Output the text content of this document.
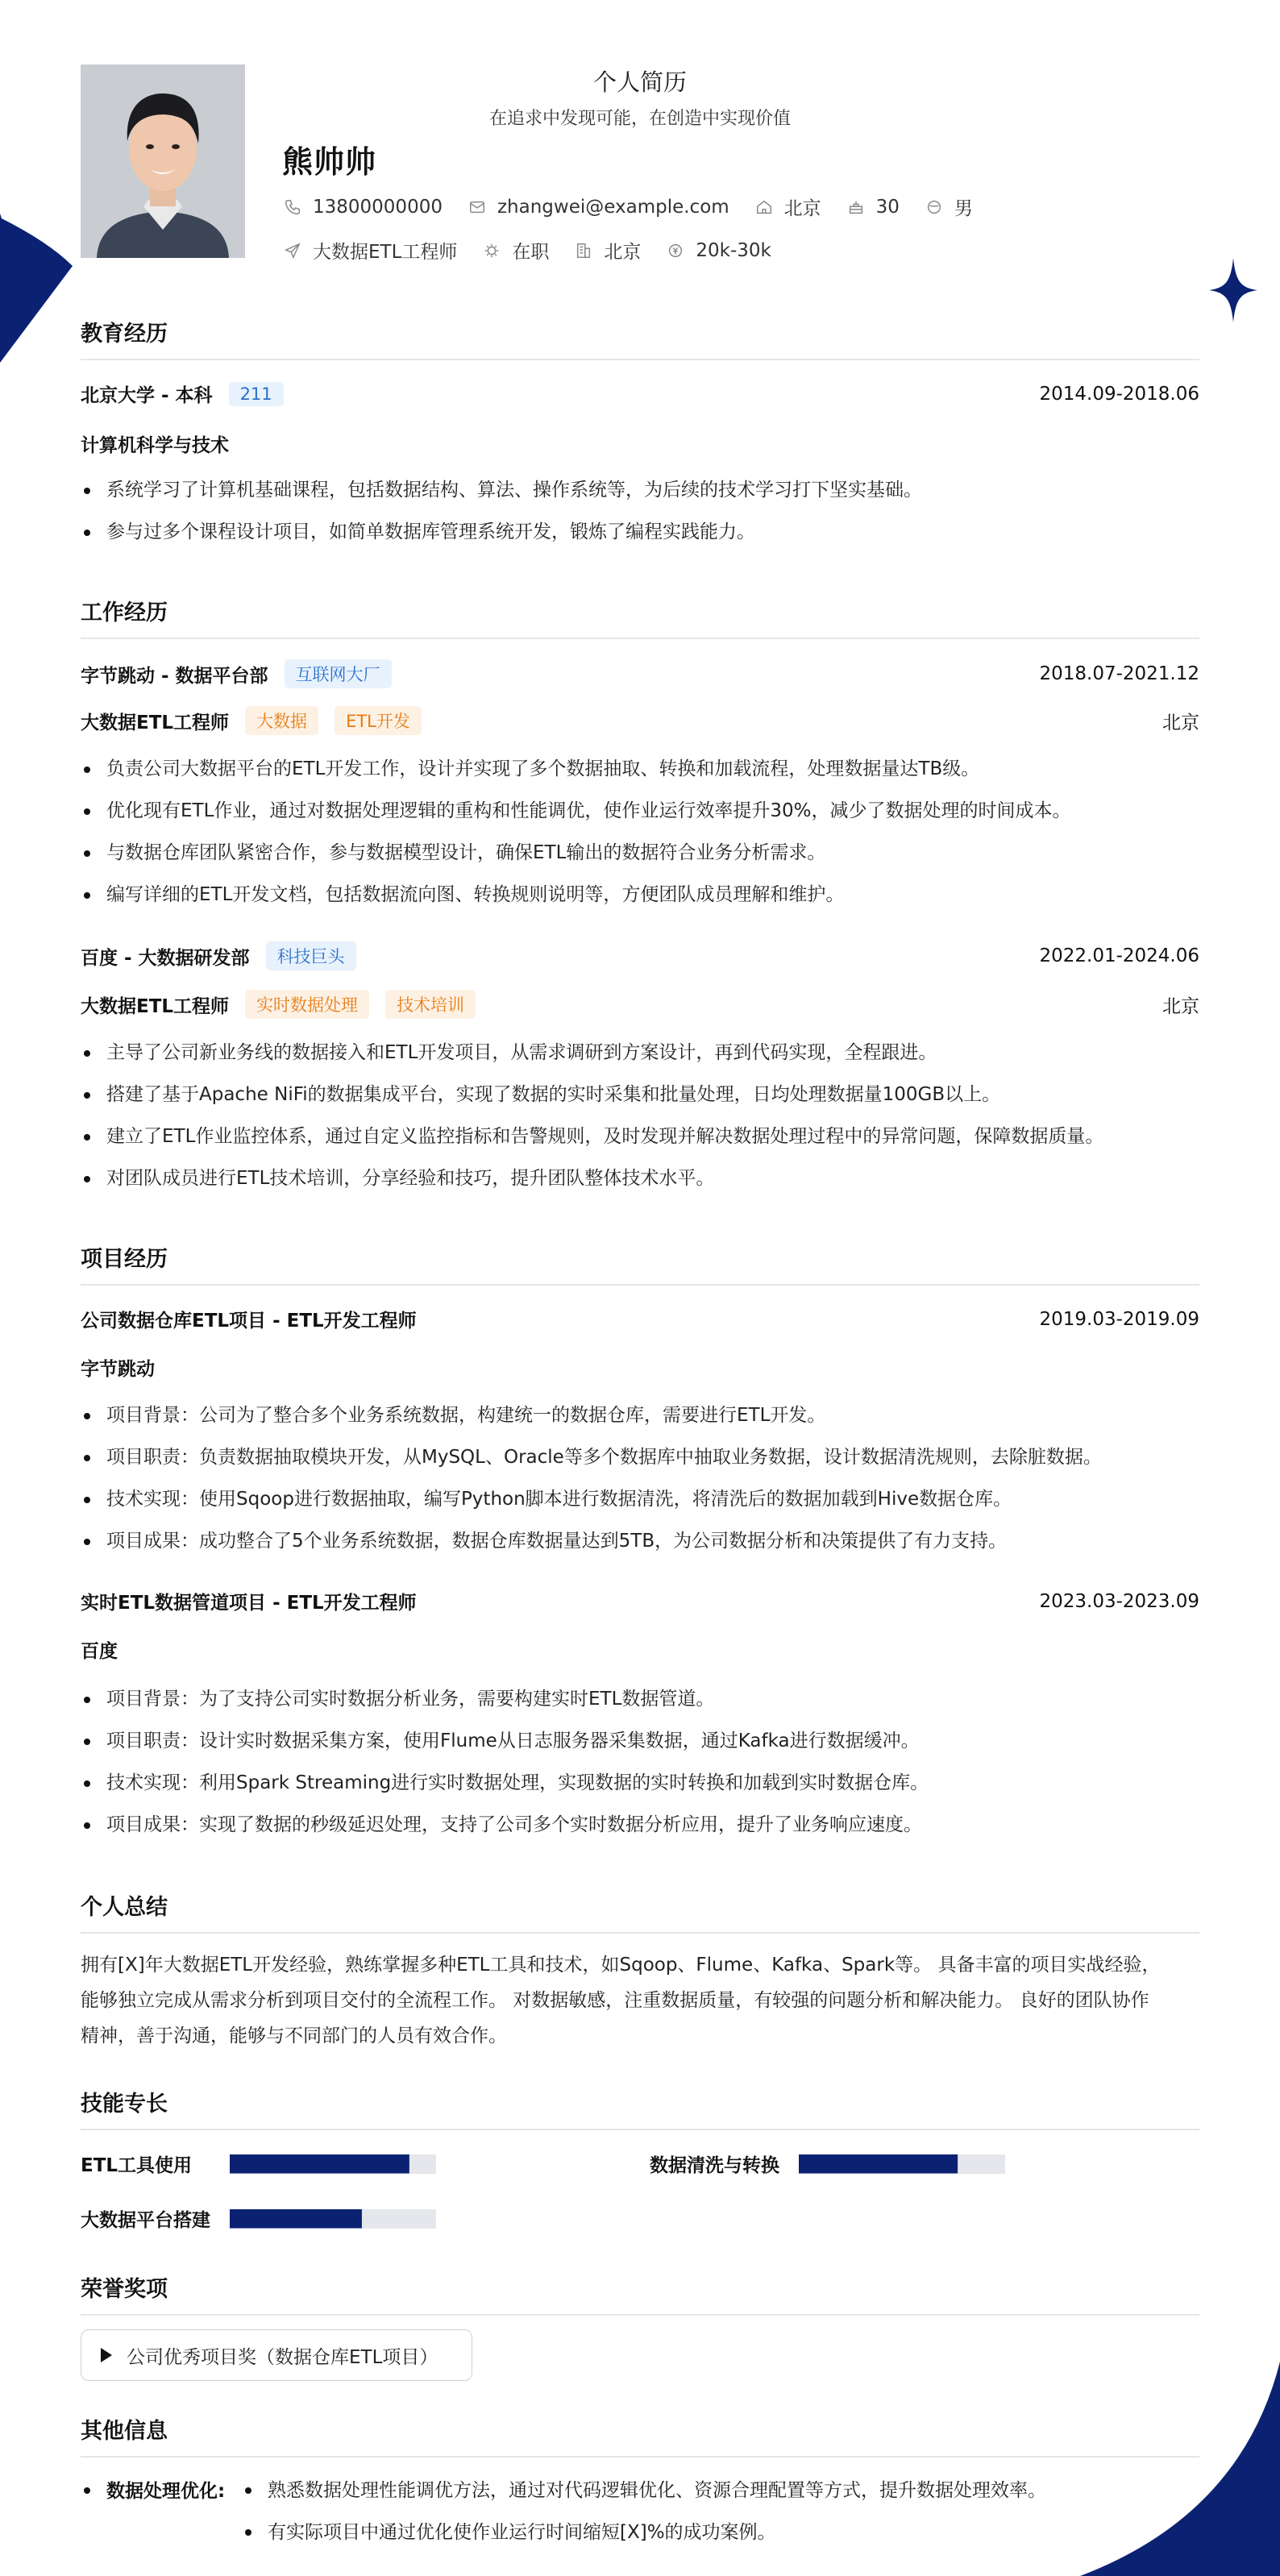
个人简历
在追求中发现可能，在创造中实现价值
熊帅帅
13800000000	zhangwei@example.com	北京	30	男
大数据ETL工程师	在职	北京	20k-30k
教育经历
北京大学 - 本科	211	2014.09-2018.06
计算机科学与技术
系统学习了计算机基础课程，包括数据结构、算法、操作系统等，为后续的技术学习打下坚实基础。
参与过多个课程设计项目，如简单数据库管理系统开发，锻炼了编程实践能力。
工作经历
字节跳动 - 数据平台部	互联网大厂	2018.07-2021.12
大数据ETL工程师	大数据	ETL开发	北京
负责公司大数据平台的ETL开发工作，设计并实现了多个数据抽取、转换和加载流程，处理数据量达TB级。
优化现有ETL作业，通过对数据处理逻辑的重构和性能调优，使作业运行效率提升30%，减少了数据处理的时间成本。
与数据仓库团队紧密合作，参与数据模型设计，确保ETL输出的数据符合业务分析需求。
编写详细的ETL开发文档，包括数据流向图、转换规则说明等，方便团队成员理解和维护。
百度 - 大数据研发部	科技巨头	2022.01-2024.06
大数据ETL工程师	实时数据处理	技术培训	北京
主导了公司新业务线的数据接入和ETL开发项目，从需求调研到方案设计，再到代码实现，全程跟进。
搭建了基于Apache NiFi的数据集成平台，实现了数据的实时采集和批量处理，日均处理数据量100GB以上。
建立了ETL作业监控体系，通过自定义监控指标和告警规则，及时发现并解决数据处理过程中的异常问题，保障数据质量。
对团队成员进行ETL技术培训，分享经验和技巧，提升团队整体技术水平。
项目经历
公司数据仓库ETL项目 - ETL开发工程师	2019.03-2019.09
字节跳动
项目背景：公司为了整合多个业务系统数据，构建统一的数据仓库，需要进行ETL开发。
项目职责：负责数据抽取模块开发，从MySQL、Oracle等多个数据库中抽取业务数据，设计数据清洗规则，去除脏数据。
技术实现：使用Sqoop进行数据抽取，编写Python脚本进行数据清洗，将清洗后的数据加载到Hive数据仓库。
项目成果：成功整合了5个业务系统数据，数据仓库数据量达到5TB，为公司数据分析和决策提供了有力支持。
实时ETL数据管道项目 - ETL开发工程师	2023.03-2023.09
百度
项目背景：为了支持公司实时数据分析业务，需要构建实时ETL数据管道。
项目职责：设计实时数据采集方案，使用Flume从日志服务器采集数据，通过Kafka进行数据缓冲。
技术实现：利用Spark Streaming进行实时数据处理，实现数据的实时转换和加载到实时数据仓库。
项目成果：实现了数据的秒级延迟处理，支持了公司多个实时数据分析应用，提升了业务响应速度。
个人总结
拥有[X]年大数据ETL开发经验，熟练掌握多种ETL工具和技术，如Sqoop、Flume、Kafka、Spark等。 具备丰富的项目实战经验，
能够独立完成从需求分析到项目交付的全流程工作。 对数据敏感，注重数据质量，有较强的问题分析和解决能力。 良好的团队协作
精神，善于沟通，能够与不同部门的人员有效合作。
技能专长
ETL工具使用	数据清洗与转换
大数据平台搭建
荣誉奖项
公司优秀项目奖（数据仓库ETL项目）
其他信息
数据处理优化:	熟悉数据处理性能调优方法，通过对代码逻辑优化、资源合理配置等方式，提升数据处理效率。
有实际项目中通过优化使作业运行时间缩短[X]%的成功案例。
